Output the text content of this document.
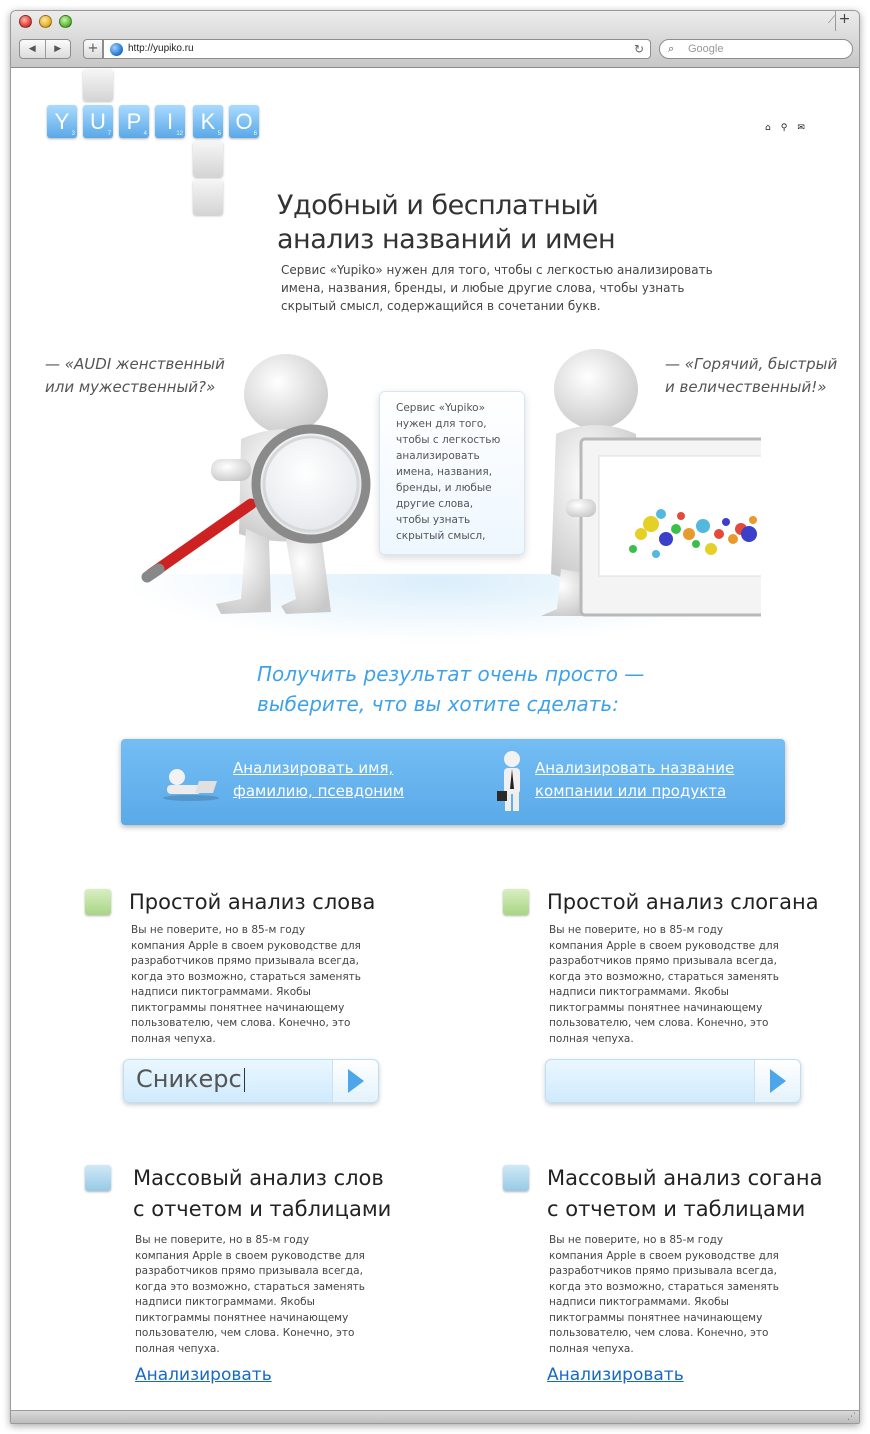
⟋ +
◀	▶	+	http://yupiko.ru	↻ ⌕ Google
Y 3 U 7 P 4 I 12 K 5 O 6
⌂ ⚲ ✉
Удобный и бесплатный
анализ названий и имен
Сервис «Yupiko» нужен для того, чтобы с легкостью анализировать имена, названия, бренды, и любые другие слова, чтобы узнать скрытый смысл, содержащийся в сочетании букв.
— «AUDI женственный
или мужественный?»
— «Горячий, быстрый
и величественный!»
Сервис «Yupiko» нужен для того, чтобы с легкостью анализировать имена, названия, бренды, и любые другие слова, чтобы узнать скрытый смысл,
Получить результат очень просто —
выберите, что вы хотите сделать:
Анализировать имя,
фамилию, псевдоним
Анализировать название
компании или продукта
Простой анализ слова
Вы не поверите, но в 85-м году компания Apple в своем руководстве для разработчиков прямо призывала всегда, когда это возможно, стараться заменять надписи пиктограммами. Якобы пиктограммы понятнее начинающему пользователю, чем слова. Конечно, это полная чепуха.
Сникерс
Простой анализ слогана
Вы не поверите, но в 85-м году компания Apple в своем руководстве для разработчиков прямо призывала всегда, когда это возможно, стараться заменять надписи пиктограммами. Якобы пиктограммы понятнее начинающему пользователю, чем слова. Конечно, это полная чепуха.
Массовый анализ слов
с отчетом и таблицами
Вы не поверите, но в 85-м году компания Apple в своем руководстве для разработчиков прямо призывала всегда, когда это возможно, стараться заменять надписи пиктограммами. Якобы пиктограммы понятнее начинающему пользователю, чем слова. Конечно, это полная чепуха.
Анализировать
Массовый анализ согана
с отчетом и таблицами
Вы не поверите, но в 85-м году компания Apple в своем руководстве для разработчиков прямо призывала всегда, когда это возможно, стараться заменять надписи пиктограммами. Якобы пиктограммы понятнее начинающему пользователю, чем слова. Конечно, это полная чепуха.
Анализировать
⋰
